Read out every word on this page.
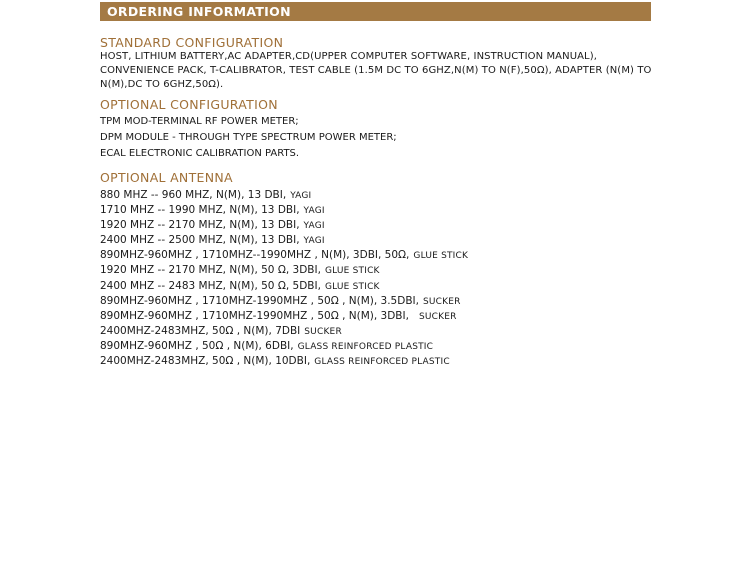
ORDERING INFORMATION

STANDARD CONFIGURATION

HOST, LITHIUM BATTERY,AC ADAPTER,CD(UPPER COMPUTER SOFTWARE, INSTRUCTION MANUAL), CONVENIENCE PACK, T-CALIBRATOR, TEST CABLE (1.5M DC TO 6GHZ,N(M) TO N(F),50Ω), ADAPTER (N(M) TO N(M),DC TO 6GHZ,50Ω).

OPTIONAL CONFIGURATION

TPM MOD-TERMINAL RF POWER METER;

DPM MODULE - THROUGH TYPE SPECTRUM POWER METER;

ECAL ELECTRONIC CALIBRATION PARTS.

OPTIONAL ANTENNA

880 MHZ -- 960 MHZ, N(M), 13 DBI, YAGI

1710 MHZ -- 1990 MHZ, N(M), 13 DBI, YAGI

1920 MHZ -- 2170 MHZ, N(M), 13 DBI, YAGI

2400 MHZ -- 2500 MHZ, N(M), 13 DBI, YAGI

890MHZ-960MHZ , 1710MHZ--1990MHZ , N(M), 3DBI, 50Ω, GLUE STICK

1920 MHZ -- 2170 MHZ, N(M), 50 Ω, 3DBI, GLUE STICK

2400 MHZ -- 2483 MHZ, N(M), 50 Ω, 5DBI, GLUE STICK

890MHZ-960MHZ , 1710MHZ-1990MHZ , 50Ω , N(M), 3.5DBI, SUCKER

890MHZ-960MHZ , 1710MHZ-1990MHZ , 50Ω , N(M), 3DBI, SUCKER

2400MHZ-2483MHZ, 50Ω , N(M), 7DBI SUCKER

890MHZ-960MHZ , 50Ω , N(M), 6DBI, GLASS REINFORCED PLASTIC

2400MHZ-2483MHZ, 50Ω , N(M), 10DBI, GLASS REINFORCED PLASTIC
